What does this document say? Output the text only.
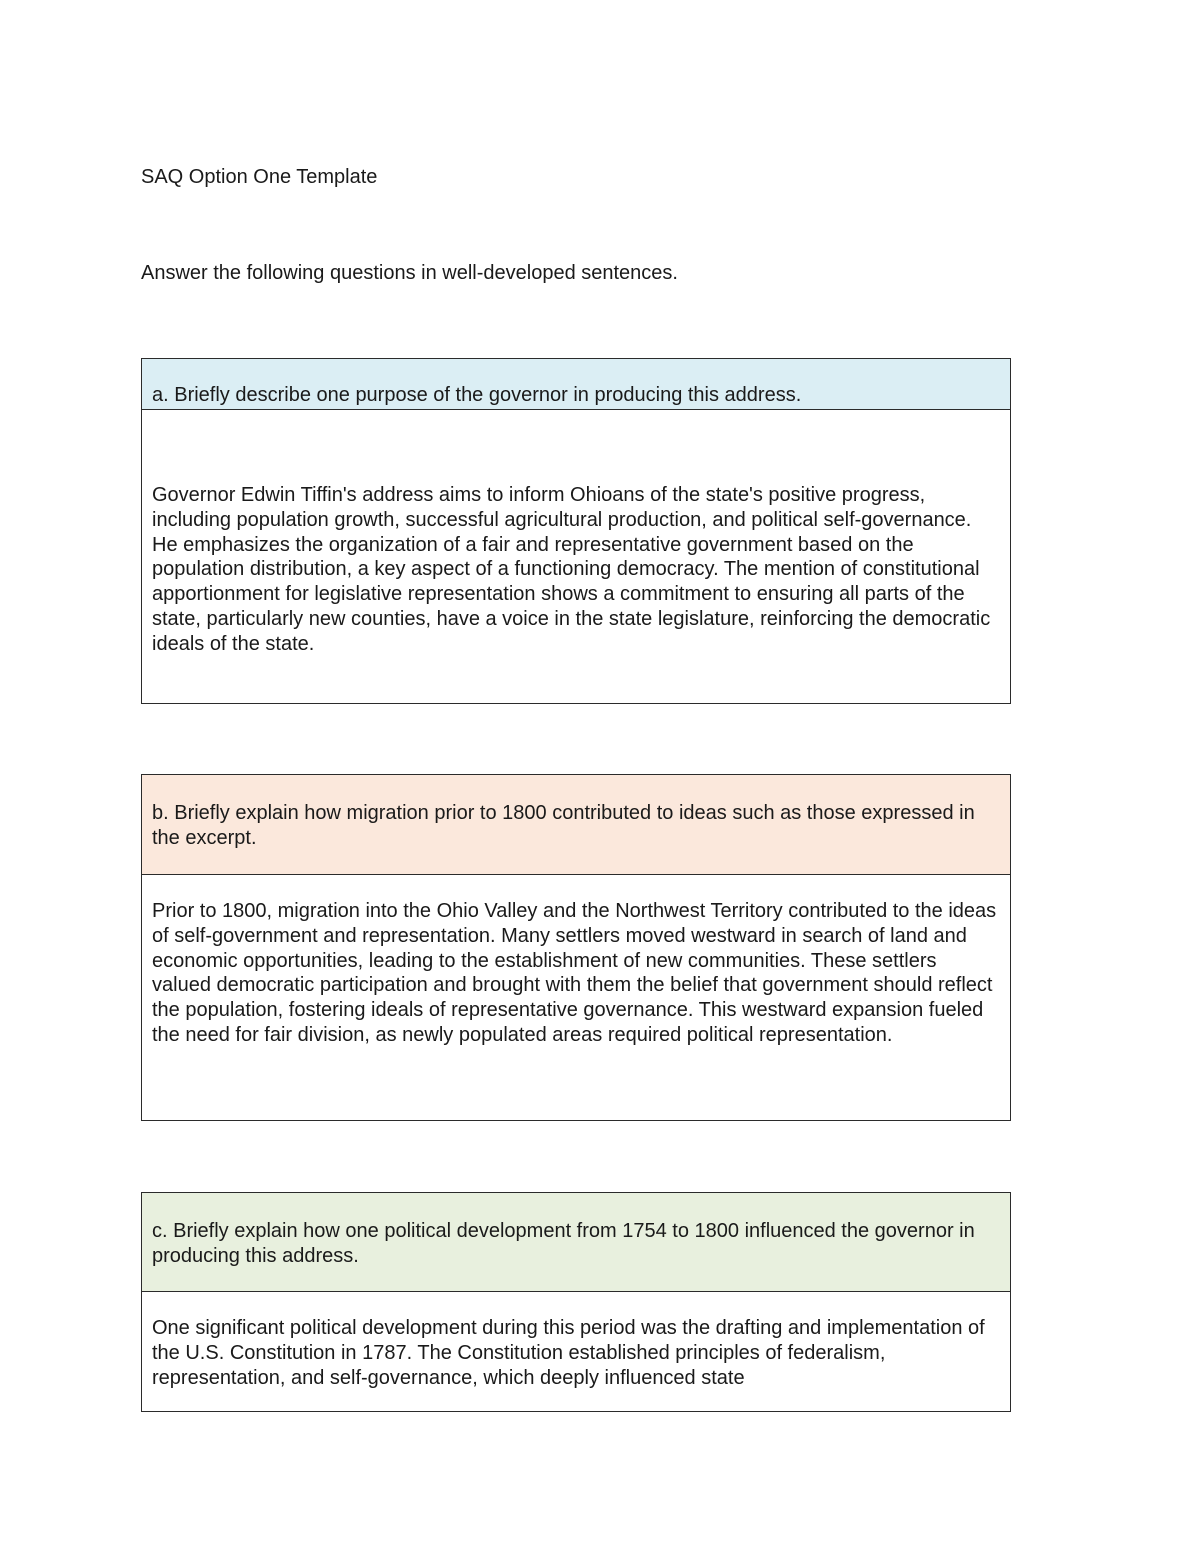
SAQ Option One Template

Answer the following questions in well-developed sentences.

a. Briefly describe one purpose of the governor in producing this address.
Governor Edwin Tiffin's address aims to inform Ohioans of the state's positive progress, including population growth, successful agricultural production, and political self-governance. He emphasizes the organization of a fair and representative government based on the population distribution, a key aspect of a functioning democracy. The mention of constitutional apportionment for legislative representation shows a commitment to ensuring all parts of the state, particularly new counties, have a voice in the state legislature, reinforcing the democratic ideals of the state.
b. Briefly explain how migration prior to 1800 contributed to ideas such as those expressed in the excerpt.
Prior to 1800, migration into the Ohio Valley and the Northwest Territory contributed to the ideas of self-government and representation. Many settlers moved westward in search of land and economic opportunities, leading to the establishment of new communities. These settlers valued democratic participation and brought with them the belief that government should reflect the population, fostering ideals of representative governance. This westward expansion fueled the need for fair division, as newly populated areas required political representation.
c. Briefly explain how one political development from 1754 to 1800 influenced the governor in producing this address.
One significant political development during this period was the drafting and implementation of the U.S. Constitution in 1787. The Constitution established principles of federalism, representation, and self-governance, which deeply influenced state
